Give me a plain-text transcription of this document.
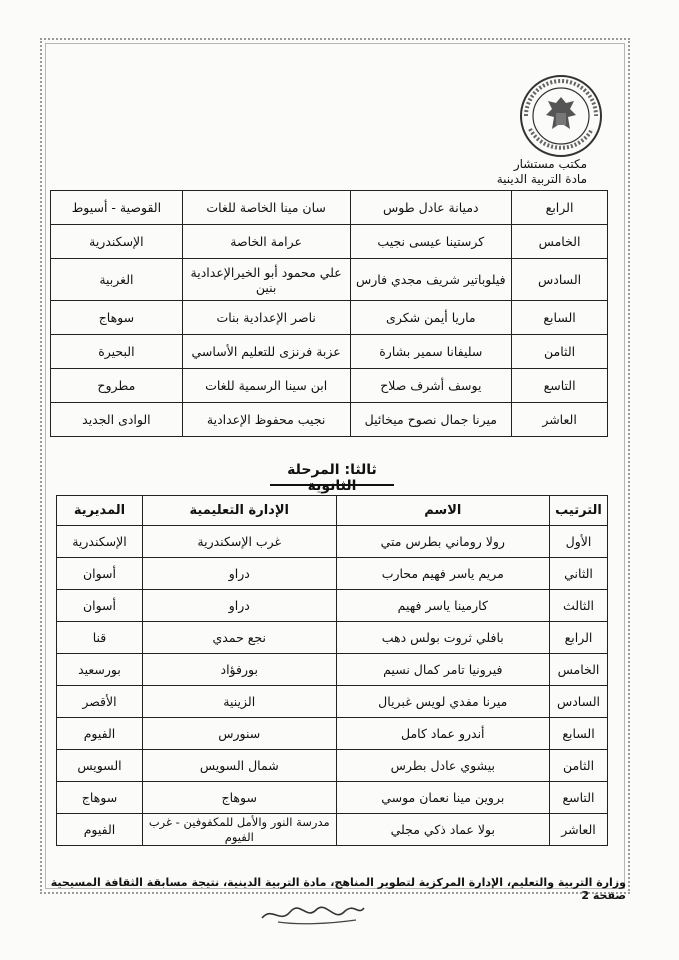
مكتب مستشار
مادة التربية الدينية
الرابع	دميانة عادل طوس	سان مينا الخاصة للغات	القوصية - أسيوط
الخامس	كرستينا عيسى نجيب	عرامة الخاصة	الإسكندرية
السادس	فيلوباتير شريف مجدي فارس	علي محمود أبو الخيرالإعدادية بنين	الغربية
السابع	ماريا أيمن شكرى	ناصر الإعدادية بنات	سوهاج
الثامن	سليفانا سمير بشارة	عزبة فرنزى للتعليم الأساسي	البحيرة
التاسع	يوسف أشرف صلاح	ابن سينا الرسمية للغات	مطروح
العاشر	ميرنا جمال نصوح ميخائيل	نجيب محفوظ الإعدادية	الوادى الجديد
ثالثا: المرحلة الثانوية
الترتيب	الاسم	الإدارة التعليمية	المديرية
الأول	رولا روماني بطرس متي	غرب الإسكندرية	الإسكندرية
الثاني	مريم ياسر فهيم محارب	دراو	أسوان
الثالث	كارمينا ياسر فهيم	دراو	أسوان
الرابع	بافلي ثروت بولس دهب	نجع حمدي	قنا
الخامس	فيرونيا تامر كمال نسيم	بورفؤاد	بورسعيد
السادس	ميرنا مفدي لويس غبريال	الزينية	الأقصر
السابع	أندرو عماد كامل	سنورس	الفيوم
الثامن	بيشوي عادل بطرس	شمال السويس	السويس
التاسع	بروين مينا نعمان موسي	سوهاج	سوهاج
العاشر	بولا عماد ذكي مجلي	مدرسة النور والأمل للمكفوفين - غرب الفيوم	الفيوم
وزارة التربية والتعليم، الإدارة المركزية لتطوير المناهج، مادة التربية الدينية، نتيجة مسابقة الثقافة المسيحية صفحة 2
